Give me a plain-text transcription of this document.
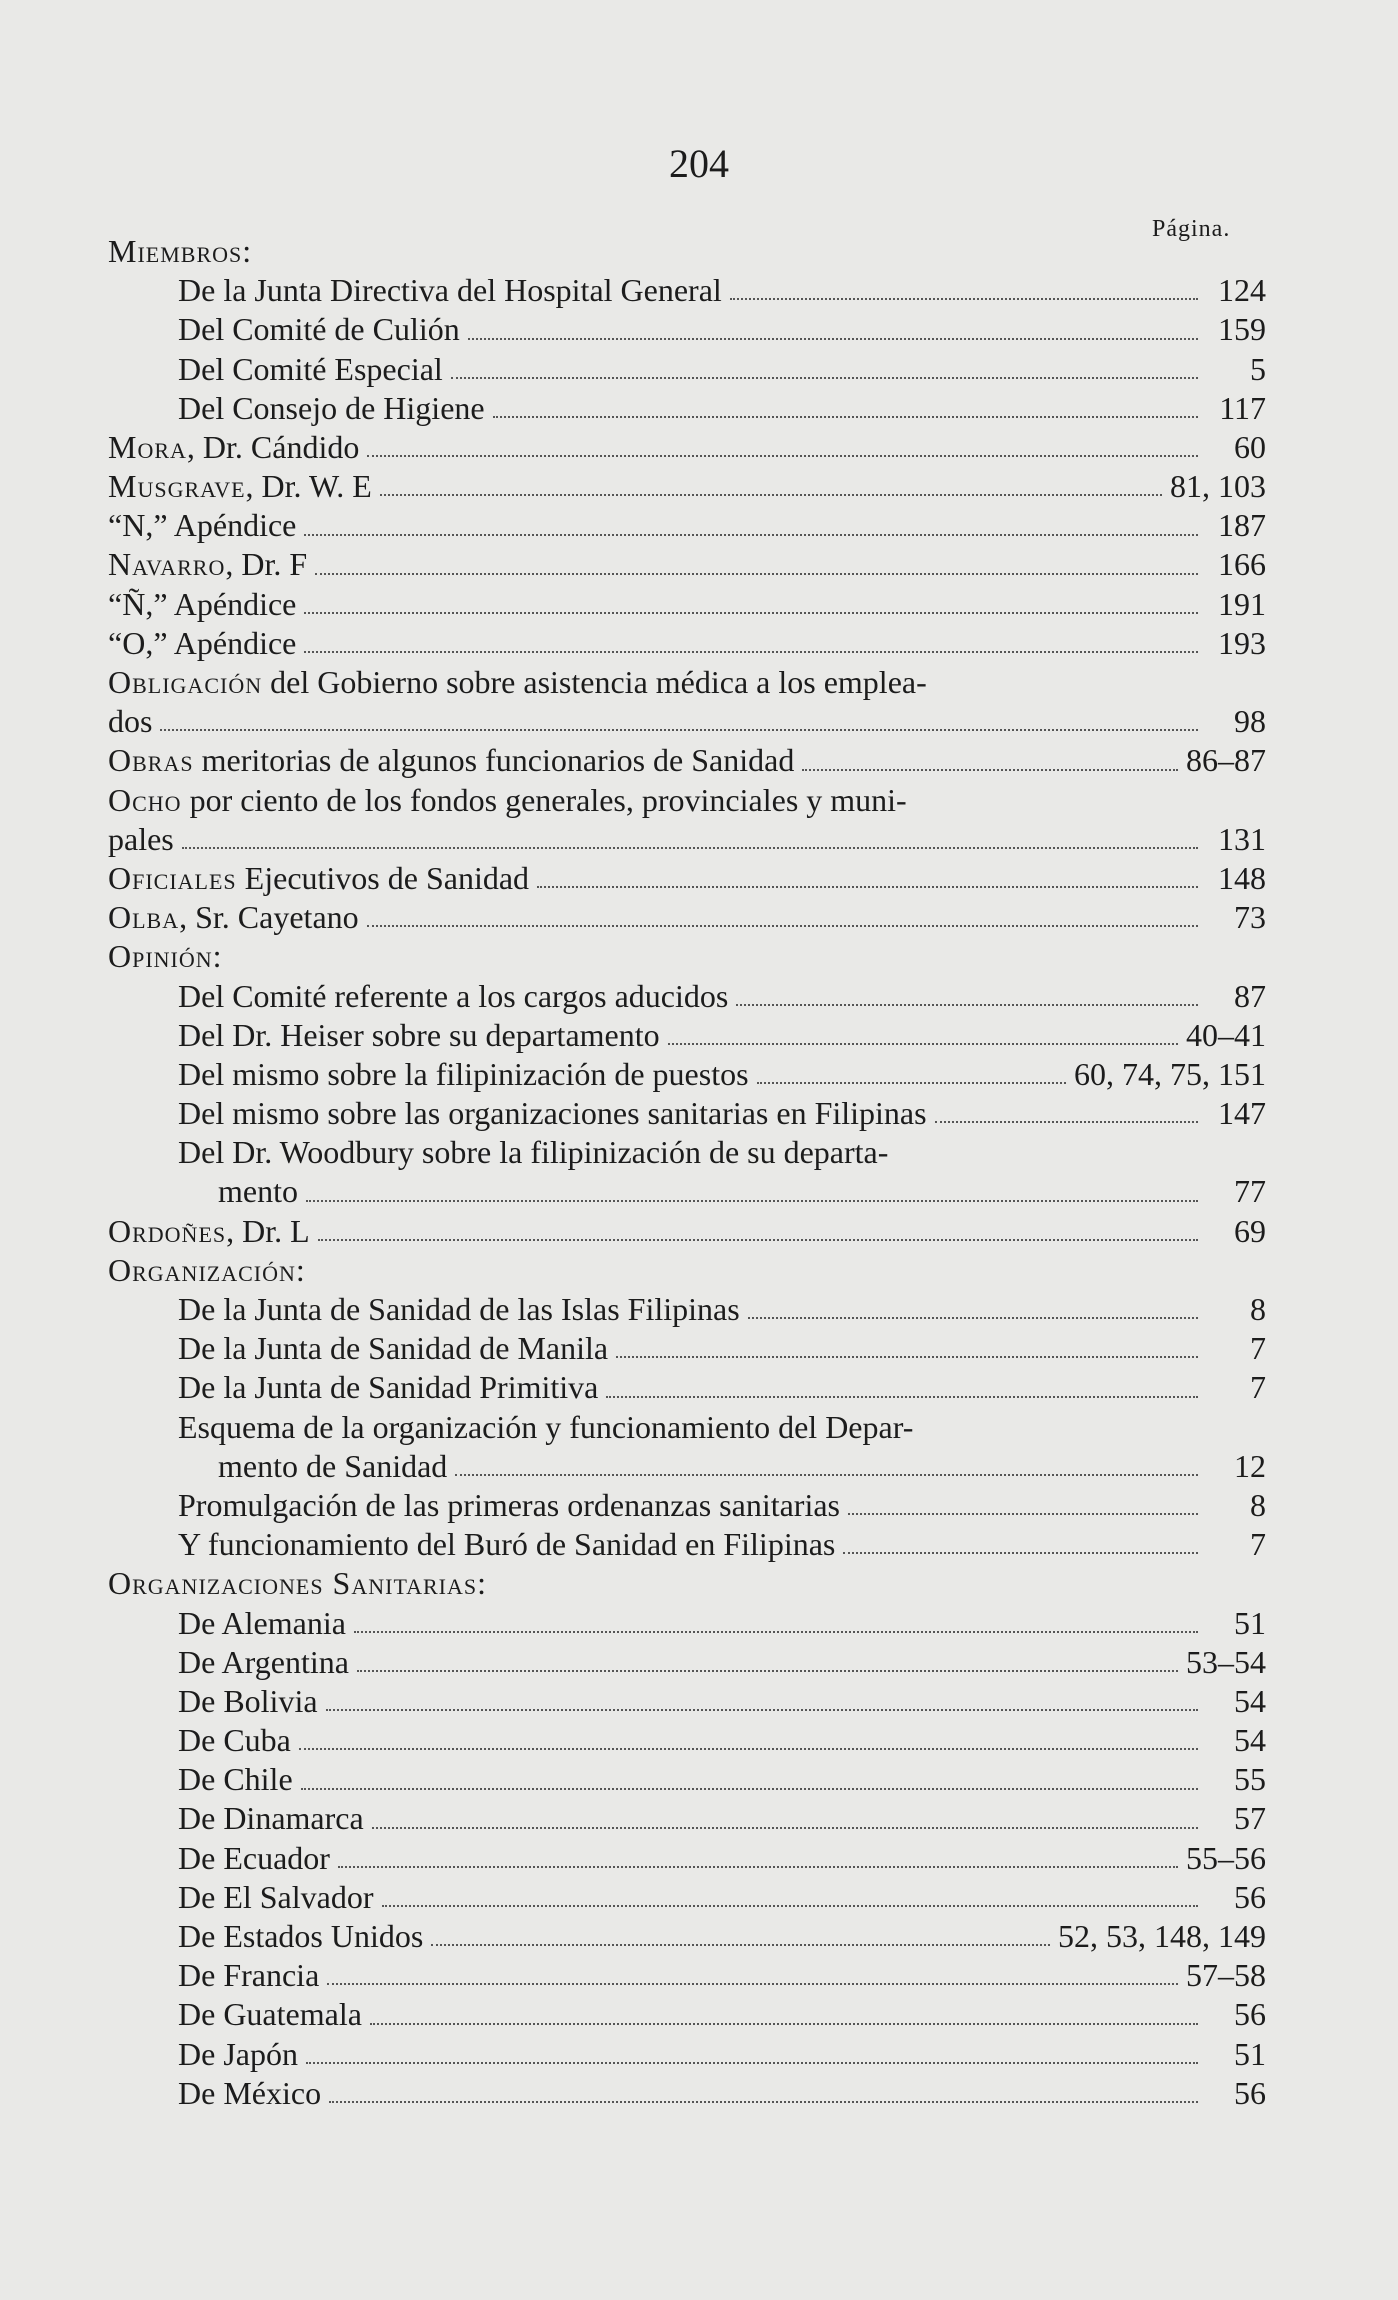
204
Página.
Miembros:
De la Junta Directiva del Hospital General	124
Del Comité de Culión	159
Del Comité Especial	5
Del Consejo de Higiene	117
Mora, Dr. Cándido	60
Musgrave, Dr. W. E	81, 103
“N,” Apéndice	187
Navarro, Dr. F	166
“Ñ,” Apéndice	191
“O,” Apéndice	193
Obligación del Gobierno sobre asistencia médica a los emplea-
dos	98
Obras meritorias de algunos funcionarios de Sanidad	86–87
Ocho por ciento de los fondos generales, provinciales y muni-
pales	131
Oficiales Ejecutivos de Sanidad	148
Olba, Sr. Cayetano	73
Opinión:
Del Comité referente a los cargos aducidos	87
Del Dr. Heiser sobre su departamento	40–41
Del mismo sobre la filipinización de puestos	60, 74, 75, 151
Del mismo sobre las organizaciones sanitarias en Filipinas	147
Del Dr. Woodbury sobre la filipinización de su departa-
mento	77
Ordoñes, Dr. L	69
Organización:
De la Junta de Sanidad de las Islas Filipinas	8
De la Junta de Sanidad de Manila	7
De la Junta de Sanidad Primitiva	7
Esquema de la organización y funcionamiento del Depar-
mento de Sanidad	12
Promulgación de las primeras ordenanzas sanitarias	8
Y funcionamiento del Buró de Sanidad en Filipinas	7
Organizaciones Sanitarias:
De Alemania	51
De Argentina	53–54
De Bolivia	54
De Cuba	54
De Chile	55
De Dinamarca	57
De Ecuador	55–56
De El Salvador	56
De Estados Unidos	52, 53, 148, 149
De Francia	57–58
De Guatemala	56
De Japón	51
De México	56
